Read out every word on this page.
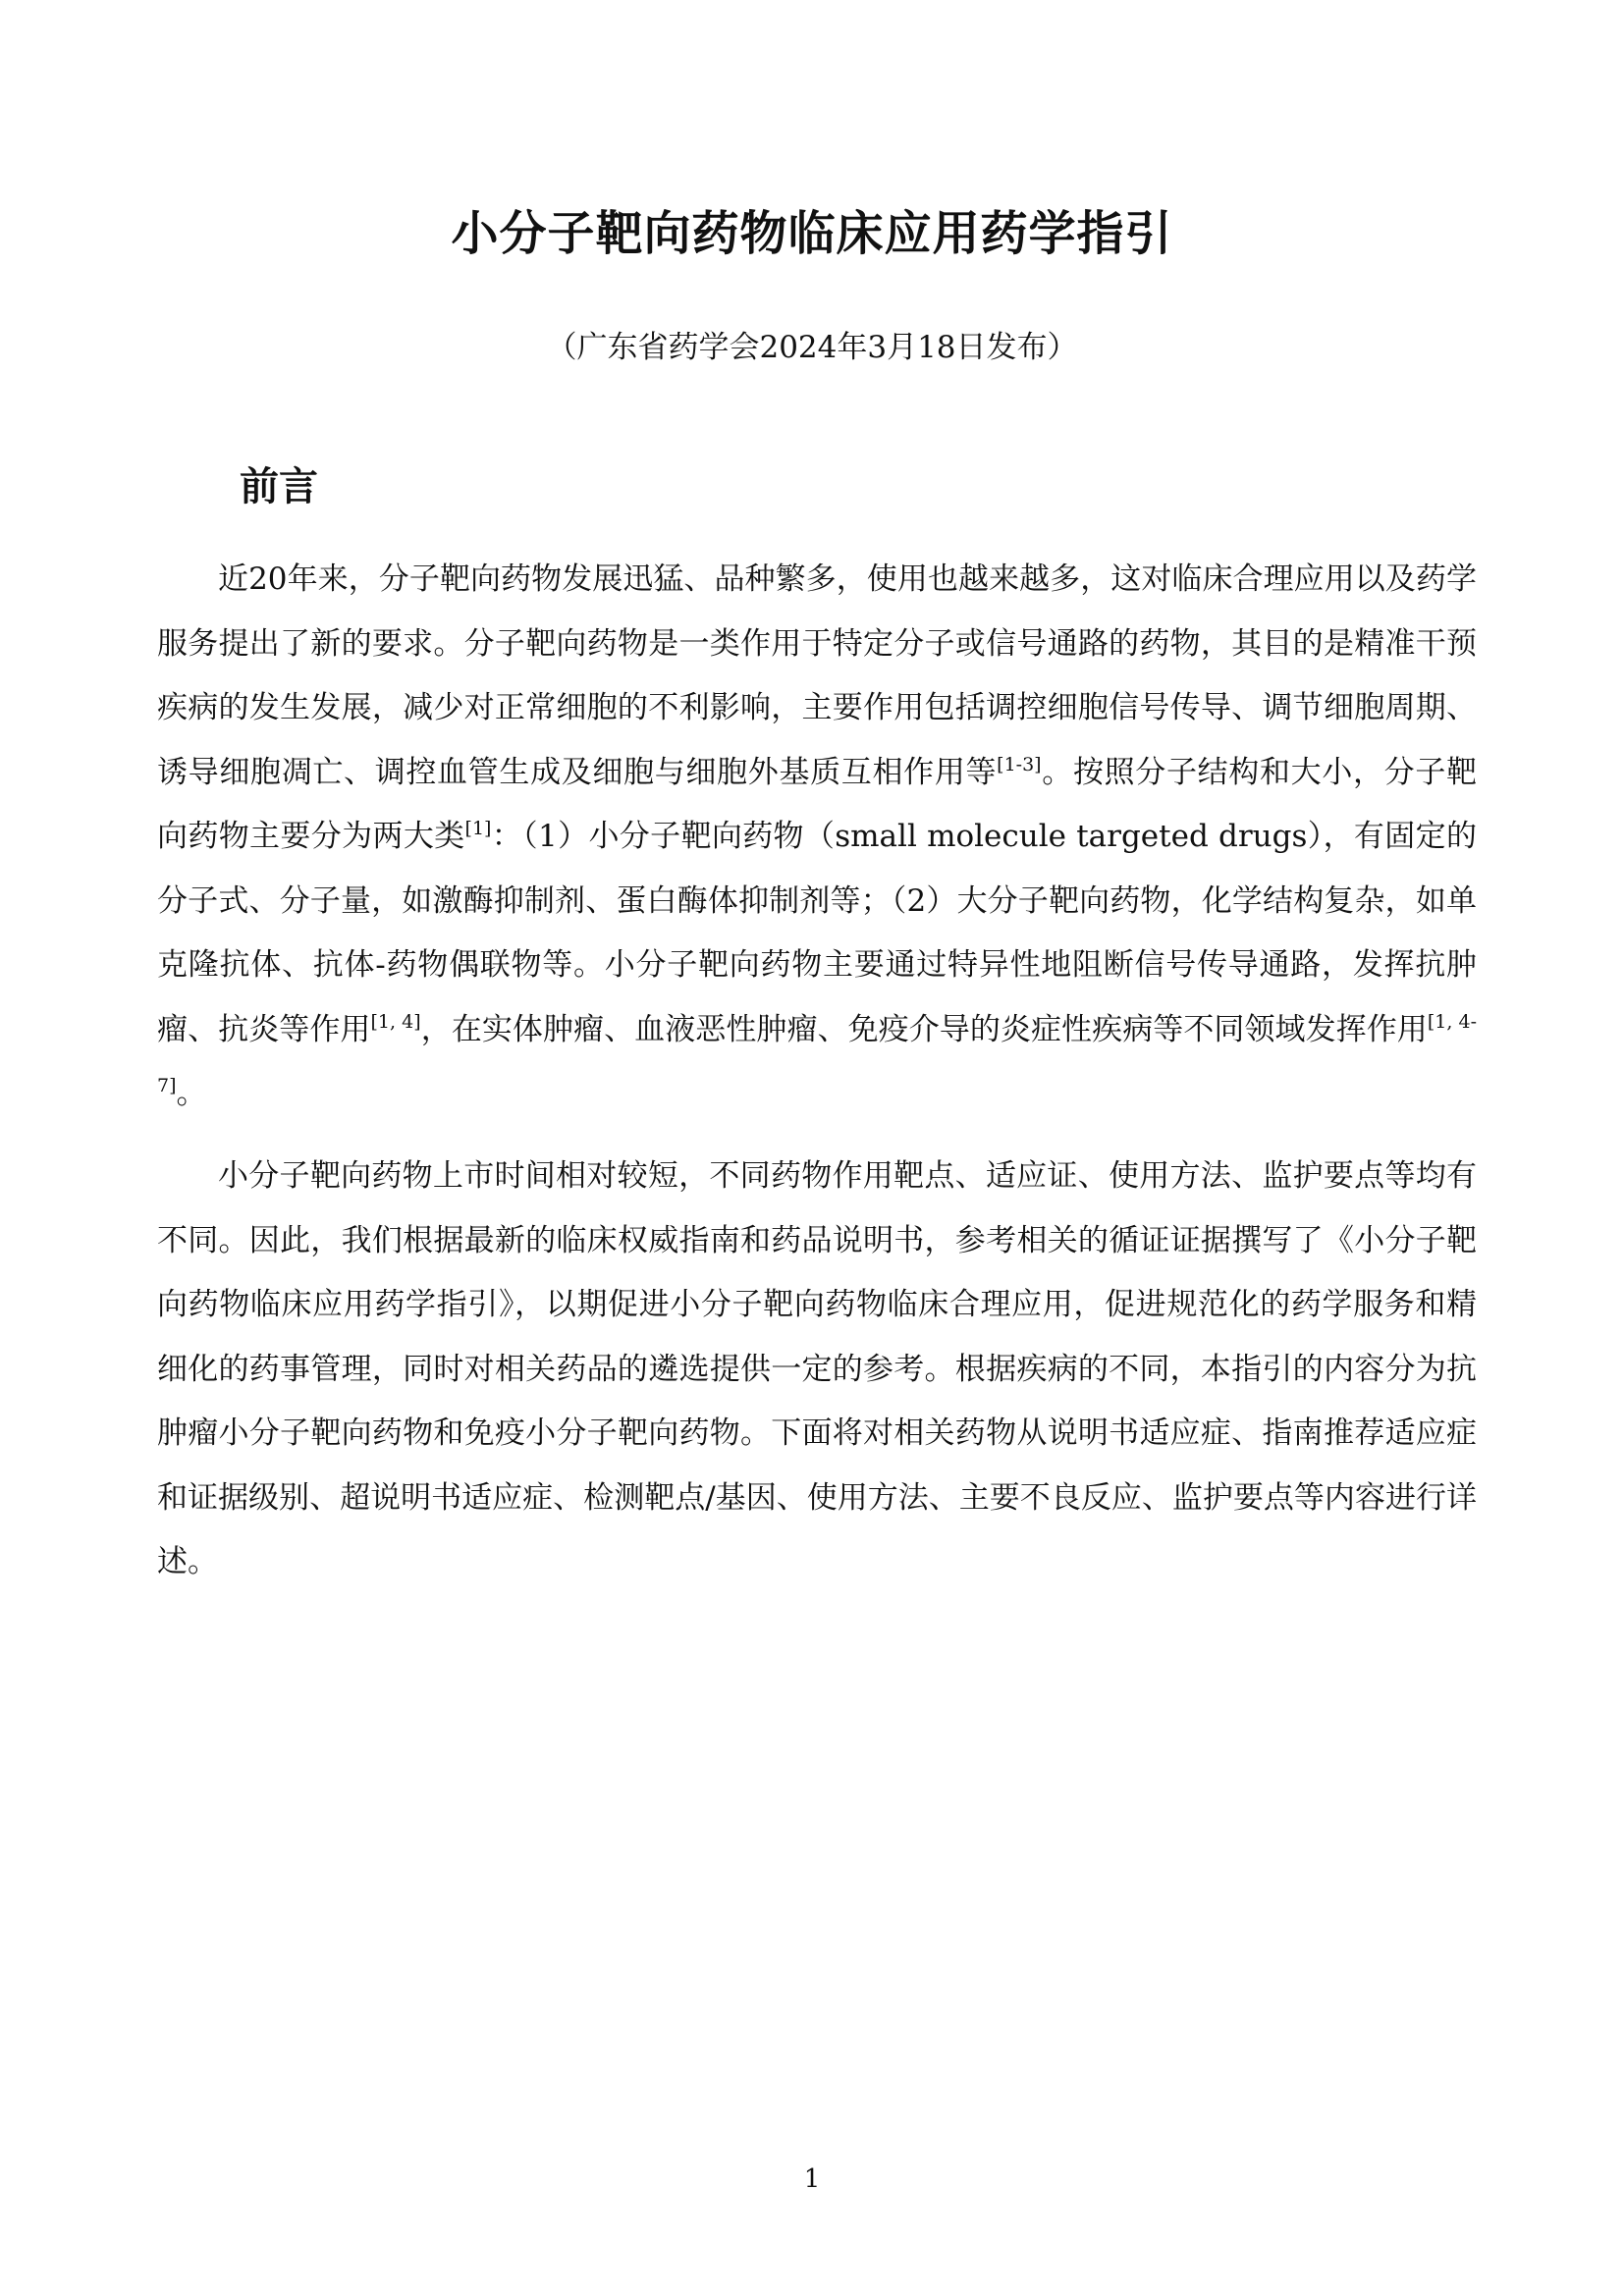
小分子靶向药物临床应用药学指引

（广东省药学会2024年3月18日发布）

前言

近20年来，分子靶向药物发展迅猛、品种繁多，使用也越来越多，这对临床合理应用以及药学服务提出了新的要求。分子靶向药物是一类作用于特定分子或信号通路的药物，其目的是精准干预疾病的发生发展，减少对正常细胞的不利影响，主要作用包括调控细胞信号传导、调节细胞周期、诱导细胞凋亡、调控血管生成及细胞与细胞外基质互相作用等[1-3]。按照分子结构和大小，分子靶向药物主要分为两大类[1]：（1）小分子靶向药物（small molecule targeted drugs），有固定的分子式、分子量，如激酶抑制剂、蛋白酶体抑制剂等；（2）大分子靶向药物，化学结构复杂，如单克隆抗体、抗体-药物偶联物等。小分子靶向药物主要通过特异性地阻断信号传导通路，发挥抗肿瘤、抗炎等作用[1, 4]，在实体肿瘤、血液恶性肿瘤、免疫介导的炎症性疾病等不同领域发挥作用[1, 4-7]。

小分子靶向药物上市时间相对较短，不同药物作用靶点、适应证、使用方法、监护要点等均有不同。因此，我们根据最新的临床权威指南和药品说明书，参考相关的循证证据撰写了《小分子靶向药物临床应用药学指引》，以期促进小分子靶向药物临床合理应用，促进规范化的药学服务和精细化的药事管理，同时对相关药品的遴选提供一定的参考。根据疾病的不同，本指引的内容分为抗肿瘤小分子靶向药物和免疫小分子靶向药物。下面将对相关药物从说明书适应症、指南推荐适应症和证据级别、超说明书适应症、检测靶点/基因、使用方法、主要不良反应、监护要点等内容进行详述。

1
